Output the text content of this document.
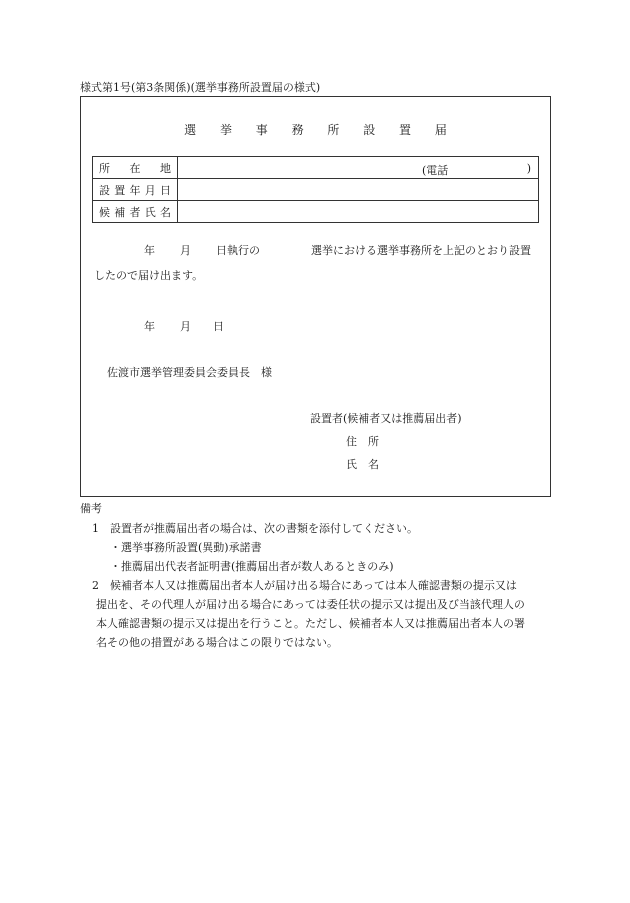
様式第1号(第3条関係)(選挙事務所設置届の様式)
選 挙 事 務 所 設 置 届
所 在 地	(電話 )

設 置 年 月 日	

候 補 者 氏 名	

年 月 日執行の	選挙における選挙事務所を上記のとおり設置
したので届け出ます。
年 月 日
佐渡市選挙管理委員会委員長　様
設置者(候補者又は推薦届出者)
住　所
氏　名
備考
1 設置者が推薦届出者の場合は、次の書類を添付してください。
・選挙事務所設置(異動)承諾書
・推薦届出代表者証明書(推薦届出者が数人あるときのみ)
2 候補者本人又は推薦届出者本人が届け出る場合にあっては本人確認書類の提示又は
提出を、その代理人が届け出る場合にあっては委任状の提示又は提出及び当該代理人の
本人確認書類の提示又は提出を行うこと。ただし、候補者本人又は推薦届出者本人の署
名その他の措置がある場合はこの限りではない。
